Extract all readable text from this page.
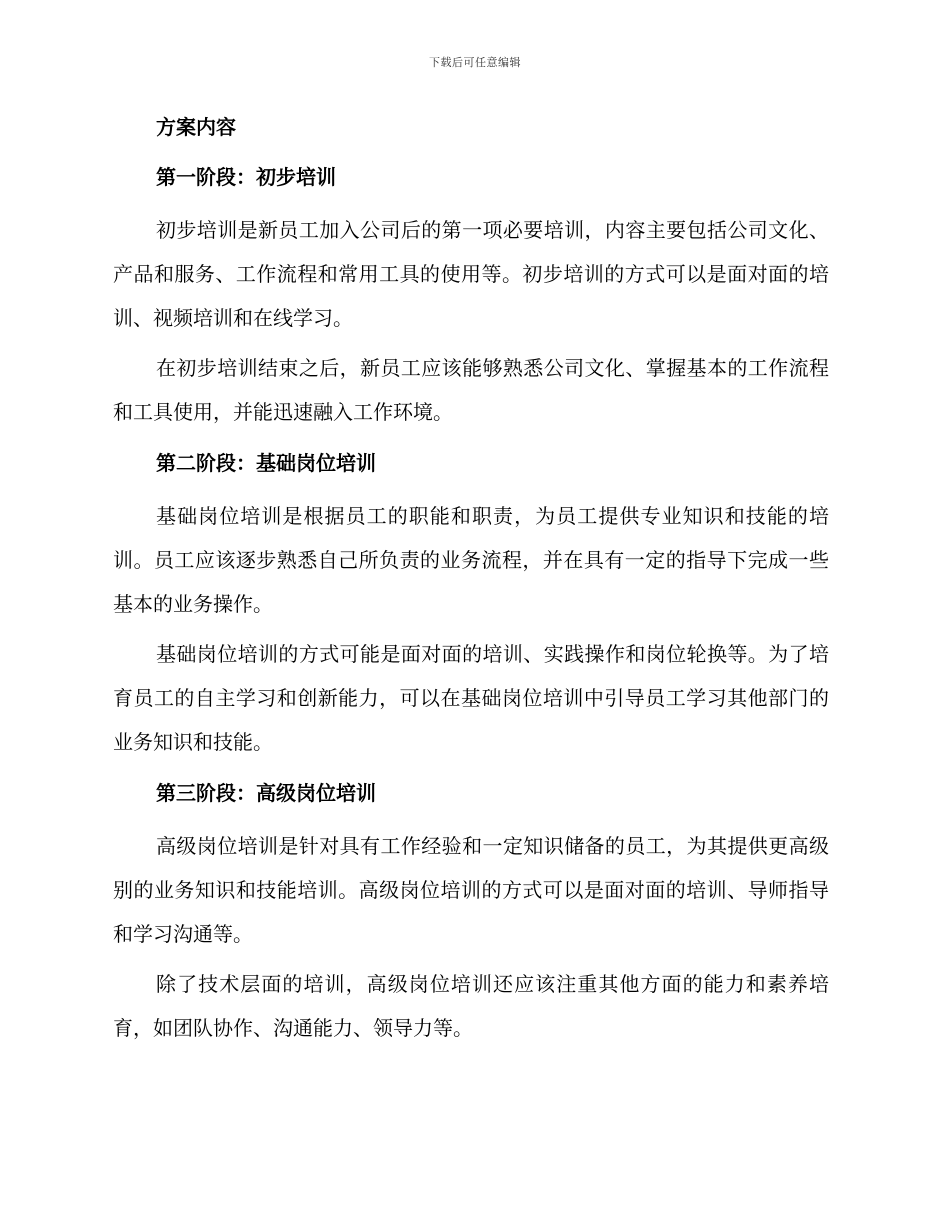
下载后可任意编辑
方案内容
第一阶段：初步培训

初步培训是新员工加入公司后的第一项必要培训，内容主要包括公司文化、产品和服务、工作流程和常用工具的使用等。初步培训的方式可以是面对面的培训、视频培训和在线学习。

在初步培训结束之后，新员工应该能够熟悉公司文化、掌握基本的工作流程和工具使用，并能迅速融入工作环境。

第二阶段：基础岗位培训

基础岗位培训是根据员工的职能和职责，为员工提供专业知识和技能的培训。员工应该逐步熟悉自己所负责的业务流程，并在具有一定的指导下完成一些基本的业务操作。

基础岗位培训的方式可能是面对面的培训、实践操作和岗位轮换等。为了培育员工的自主学习和创新能力，可以在基础岗位培训中引导员工学习其他部门的业务知识和技能。

第三阶段：高级岗位培训

高级岗位培训是针对具有工作经验和一定知识储备的员工，为其提供更高级别的业务知识和技能培训。高级岗位培训的方式可以是面对面的培训、导师指导和学习沟通等。

除了技术层面的培训，高级岗位培训还应该注重其他方面的能力和素养培育，如团队协作、沟通能力、领导力等。
